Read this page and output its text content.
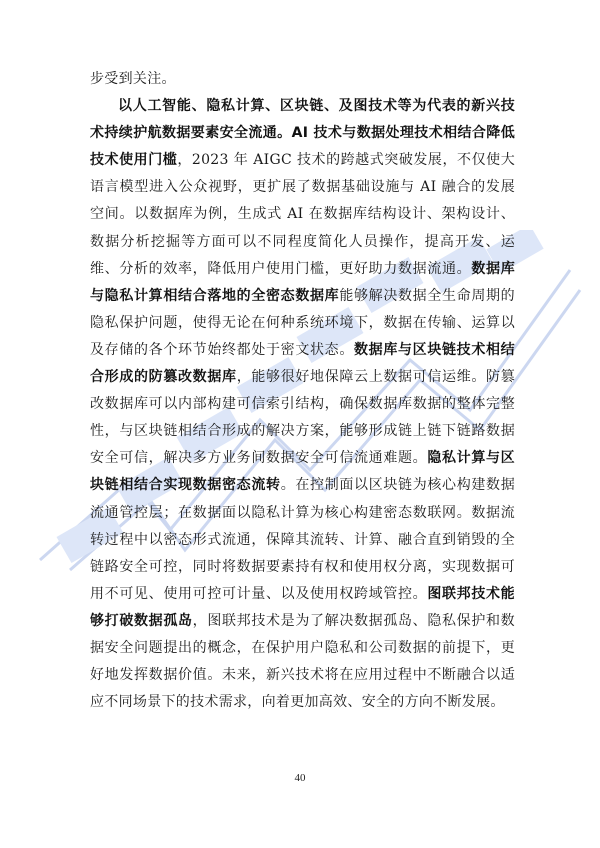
步受到关注。

以人工智能、隐私计算、区块链、及图技术等为代表的新兴技术持续护航数据要素安全流通。AI 技术与数据处理技术相结合降低技术使用门槛，2023 年 AIGC 技术的跨越式突破发展，不仅使大语言模型进入公众视野，更扩展了数据基础设施与 AI 融合的发展空间。以数据库为例，生成式 AI 在数据库结构设计、架构设计、数据分析挖掘等方面可以不同程度简化人员操作，提高开发、运维、分析的效率，降低用户使用门槛，更好助力数据流通。数据库与隐私计算相结合落地的全密态数据库能够解决数据全生命周期的隐私保护问题，使得无论在何种系统环境下，数据在传输、运算以及存储的各个环节始终都处于密文状态。数据库与区块链技术相结合形成的防篡改数据库，能够很好地保障云上数据可信运维。防篡改数据库可以内部构建可信索引结构，确保数据库数据的整体完整性，与区块链相结合形成的解决方案，能够形成链上链下链路数据安全可信，解决多方业务间数据安全可信流通难题。隐私计算与区块链相结合实现数据密态流转。在控制面以区块链为核心构建数据流通管控层；在数据面以隐私计算为核心构建密态数联网。数据流转过程中以密态形式流通，保障其流转、计算、融合直到销毁的全链路安全可控，同时将数据要素持有权和使用权分离，实现数据可用不可见、使用可控可计量、以及使用权跨域管控。图联邦技术能够打破数据孤岛，图联邦技术是为了解决数据孤岛、隐私保护和数据安全问题提出的概念，在保护用户隐私和公司数据的前提下，更好地发挥数据价值。未来，新兴技术将在应用过程中不断融合以适应不同场景下的技术需求，向着更加高效、安全的方向不断发展。

40
